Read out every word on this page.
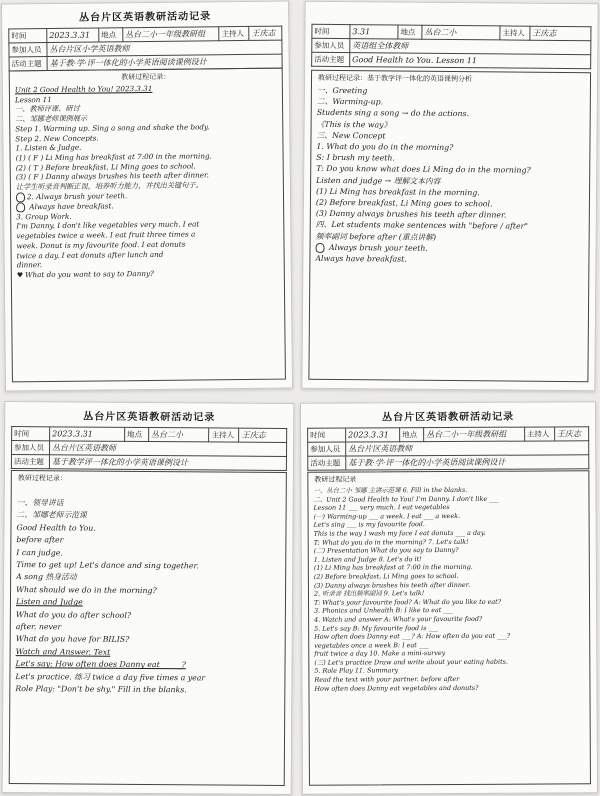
丛台片区英语教研活动记录
时间	2023.3.31	地点	丛台二小一年级教研组	主持人	王庆志
参加人员	丛台片区小学英语教师				
活动主题	基于教·学·评一体化的小学英语阅读课例设计				
教研过程记录：
Unit 2 Good Health to You! 2023.3.31
Lesson 11
一、教师评课、研讨
二、邹娜老师课例展示
Step 1. Warming up. Sing a song and shake the body.
Step 2. New Concepts.
1. Listen & Judge.
(1) ( F ) Li Ming has breakfast at 7:00 in the morning.
(2) ( T ) Before breakfast, Li Ming goes to school.
(3) ( F ) Danny always brushes his teeth after dinner.
让学生听录音判断正误，培养听力能力，并找出关键句子。
2. Always brush your teeth.
Always have breakfast.
3. Group Work.
I'm Danny. I don't like vegetables very much. I eat
vegetables twice a week. I eat fruit three times a
week. Donut is my favourite food. I eat donuts
twice a day. I eat donuts after lunch and
dinner.
♥ What do you want to say to Danny?
时间	3.31	地点	丛台二小	主持人	王庆志
参加人员	英语组全体教师				
活动主题	Good Health to You. Lesson 11				
教研过程记录：基于教学评一体化的英语课例分析
一、Greeting
二、Warming-up.
Students sing a song → do the actions.
《This is the way》
三、New Concept
1. What do you do in the morning?
S: I brush my teeth.
T: Do you know what does Li Ming do in the morning?
Listen and judge → 理解文本内容
(1) Li Ming has breakfast in the morning.
(2) Before breakfast, Li Ming goes to school.
(3) Danny always brushes his teeth after dinner.
四、Let students make sentences with "before / after"
频率副词 before after (重点讲解)
Always brush your teeth.
Always have breakfast.
丛台片区英语教研活动记录
时间	2023.3.31	地点	丛台二小	主持人	王庆志
参加人员	丛台片区英语教师				
活动主题	基于教学评一体化的小学英语课例设计				
教研过程记录：
一、领导讲话
二、邹娜老师示范课
Good Health to You.
before after
I can judge.
Time to get up! Let's dance and sing together.
A song 热身活动
What should we do in the morning?
Listen and Judge
What do you do after school?
after. never
What do you have for BILIS?
Watch and Answer. Text
Let's say: How often does Danny eat _____?
Let's practice. 练习 twice a day five times a year
Role Play: "Don't be shy." Fill in the blanks.
丛台片区英语教研活动记录
时间	2023.3.31	地点	丛台二小一年级教研组	主持人	王庆志
参加人员	丛台片区英语教师				
活动主题	基于教·学·评一体化的小学英语阅读课例设计				
教研过程记录
一、丛台二小 邹娜 主讲示范课 6. Fill in the blanks.
二、Unit 2 Good Health to You! I'm Danny. I don't like ___
Lesson 11 ___ very much. I eat vegetables
(一) Warming-up ___ a week. I eat ___ a week.
Let's sing ___ is my favourite food.
This is the way I wash my face I eat donuts ___ a day.
T: What do you do in the morning? 7. Let's talk!
(二) Presentation What do you say to Danny?
1. Listen and Judge 8. Let's do it!
(1) Li Ming has breakfast at 7:00 in the morning.
(2) Before breakfast, Li Ming goes to school.
(3) Danny always brushes his teeth after dinner.
2. 听录音 找出频率副词 9. Let's talk!
T: What's your favourite food? A: What do you like to eat?
3. Phonics and Unhealth B: I like to eat ___
4. Watch and answer A: What's your favourite food?
5. Let's say B: My favourite food is ___
How often does Danny eat ___? A: How often do you eat ___?
vegetables once a week B: I eat ___
fruit twice a day 10. Make a mini-survey
(三) Let's practice Draw and write about your eating habits.
5. Role Play 11. Summary
Read the text with your partner. before after
How often does Danny eat vegetables and donuts?
